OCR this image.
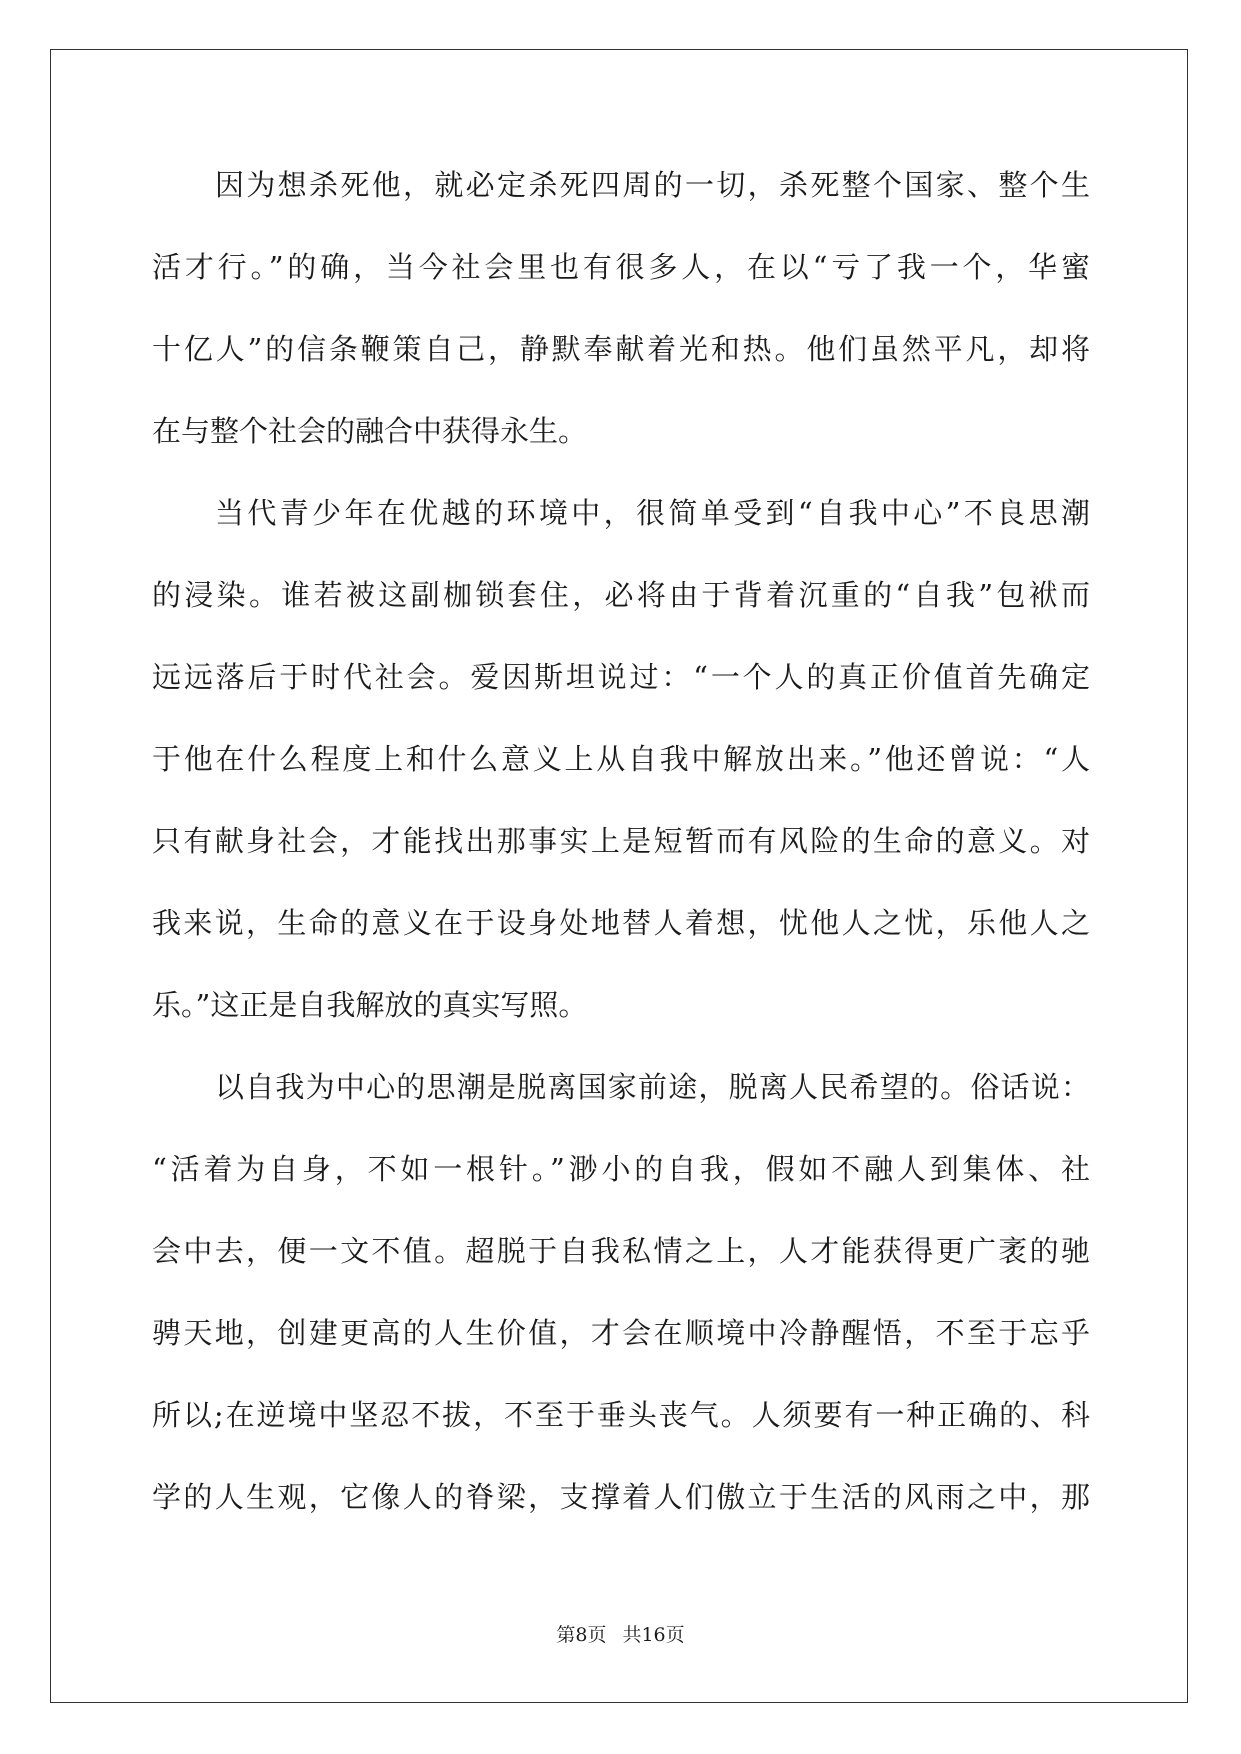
因为想杀死他，就必定杀死四周的一切，杀死整个国家、整个生
活才行。”的确，当今社会里也有很多人，在以“亏了我一个，华蜜
十亿人”的信条鞭策自己，静默奉献着光和热。他们虽然平凡，却将
在与整个社会的融合中获得永生。
当代青少年在优越的环境中，很简单受到“自我中心”不良思潮
的浸染。谁若被这副枷锁套住，必将由于背着沉重的“自我”包袱而
远远落后于时代社会。爱因斯坦说过：“一个人的真正价值首先确定
于他在什么程度上和什么意义上从自我中解放出来。”他还曾说：“人
只有献身社会，才能找出那事实上是短暂而有风险的生命的意义。对
我来说，生命的意义在于设身处地替人着想，忧他人之忧，乐他人之
乐。”这正是自我解放的真实写照。
以自我为中心的思潮是脱离国家前途，脱离人民希望的。俗话说：
“活着为自身，不如一根针。”渺小的自我，假如不融人到集体、社
会中去，便一文不值。超脱于自我私情之上，人才能获得更广袤的驰
骋天地，创建更高的人生价值，才会在顺境中冷静醒悟，不至于忘乎
所以;在逆境中坚忍不拔，不至于垂头丧气。人须要有一种正确的、科
学的人生观，它像人的脊梁，支撑着人们傲立于生活的风雨之中，那
第8页 共16页
